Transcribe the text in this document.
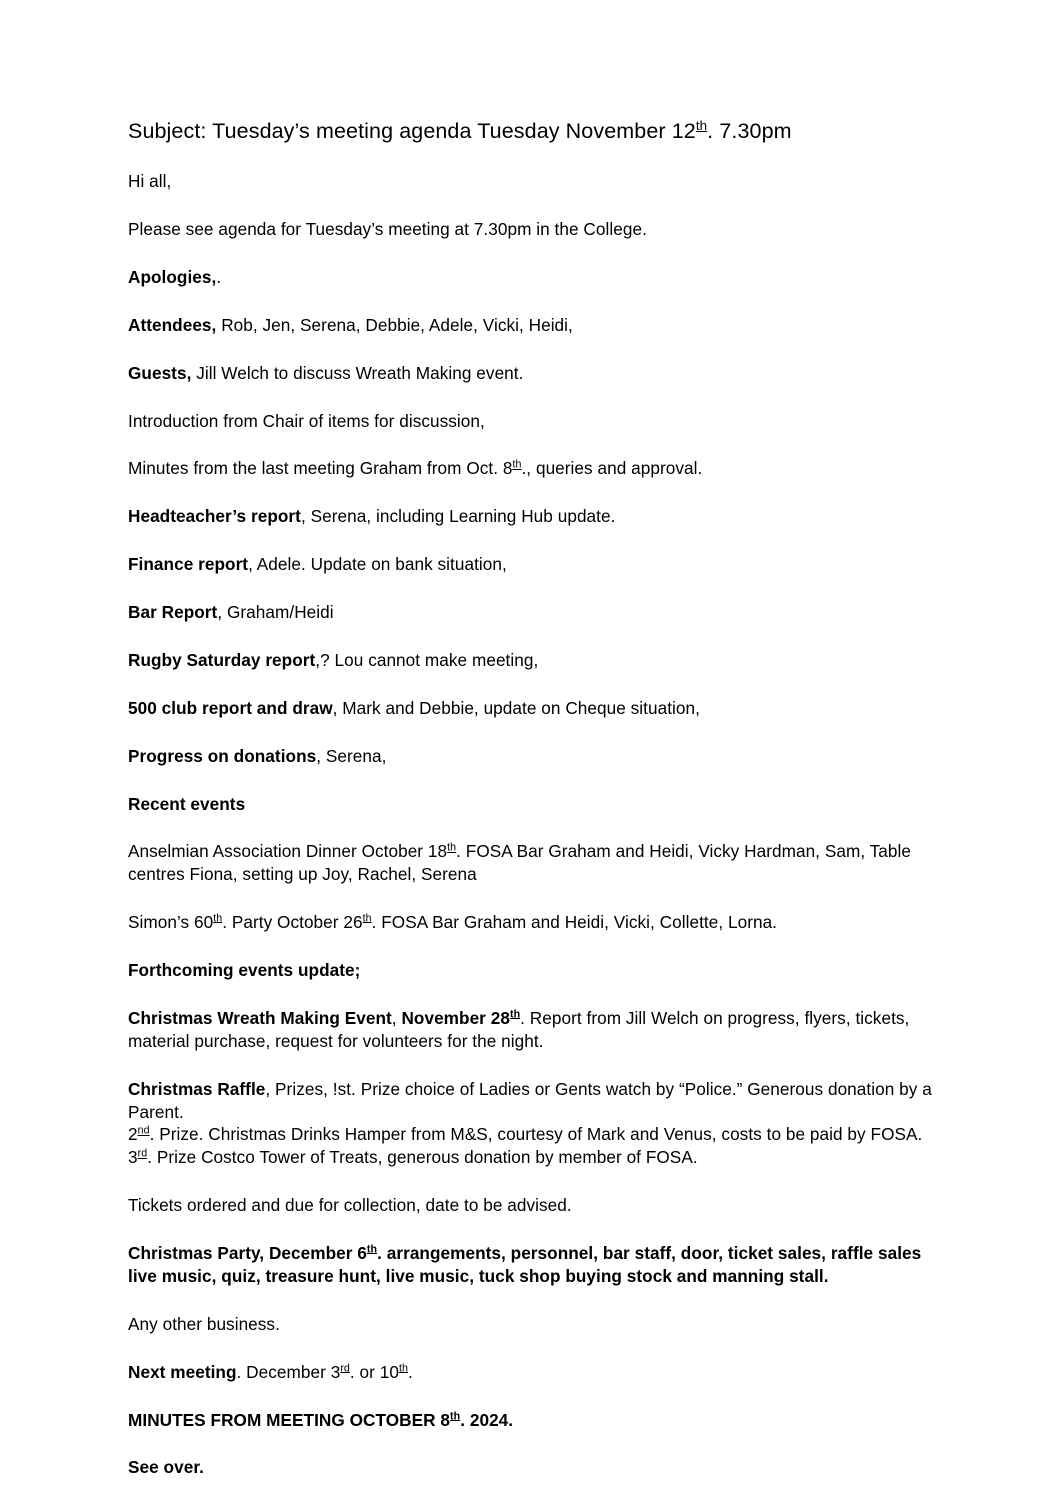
Subject: Tuesday’s meeting agenda Tuesday November 12th. 7.30pm

Hi all,

Please see agenda for Tuesday’s meeting at 7.30pm in the College.

Apologies,.

Attendees, Rob, Jen, Serena, Debbie, Adele, Vicki, Heidi,

Guests, Jill Welch to discuss Wreath Making event.

Introduction from Chair of items for discussion,

Minutes from the last meeting Graham from Oct. 8th., queries and approval.

Headteacher’s report, Serena, including Learning Hub update.

Finance report, Adele. Update on bank situation,

Bar Report, Graham/Heidi

Rugby Saturday report,? Lou cannot make meeting,

500 club report and draw, Mark and Debbie, update on Cheque situation,

Progress on donations, Serena,

Recent events

Anselmian Association Dinner October 18th. FOSA Bar Graham and Heidi, Vicky Hardman, Sam, Table centres Fiona, setting up Joy, Rachel, Serena

Simon’s 60th. Party October 26th. FOSA Bar Graham and Heidi, Vicki, Collette, Lorna.

Forthcoming events update;

Christmas Wreath Making Event, November 28th. Report from Jill Welch on progress, flyers, tickets, material purchase, request for volunteers for the night.

Christmas Raffle, Prizes, !st. Prize choice of Ladies or Gents watch by “Police.” Generous donation by a Parent.

2nd. Prize. Christmas Drinks Hamper from M&S, courtesy of Mark and Venus, costs to be paid by FOSA.

3rd. Prize Costco Tower of Treats, generous donation by member of FOSA.

Tickets ordered and due for collection, date to be advised.

Christmas Party, December 6th. arrangements, personnel, bar staff, door, ticket sales, raffle sales live music, quiz, treasure hunt, live music, tuck shop buying stock and manning stall.

Any other business.

Next meeting. December 3rd. or 10th.

MINUTES FROM MEETING OCTOBER 8th. 2024.

See over.
